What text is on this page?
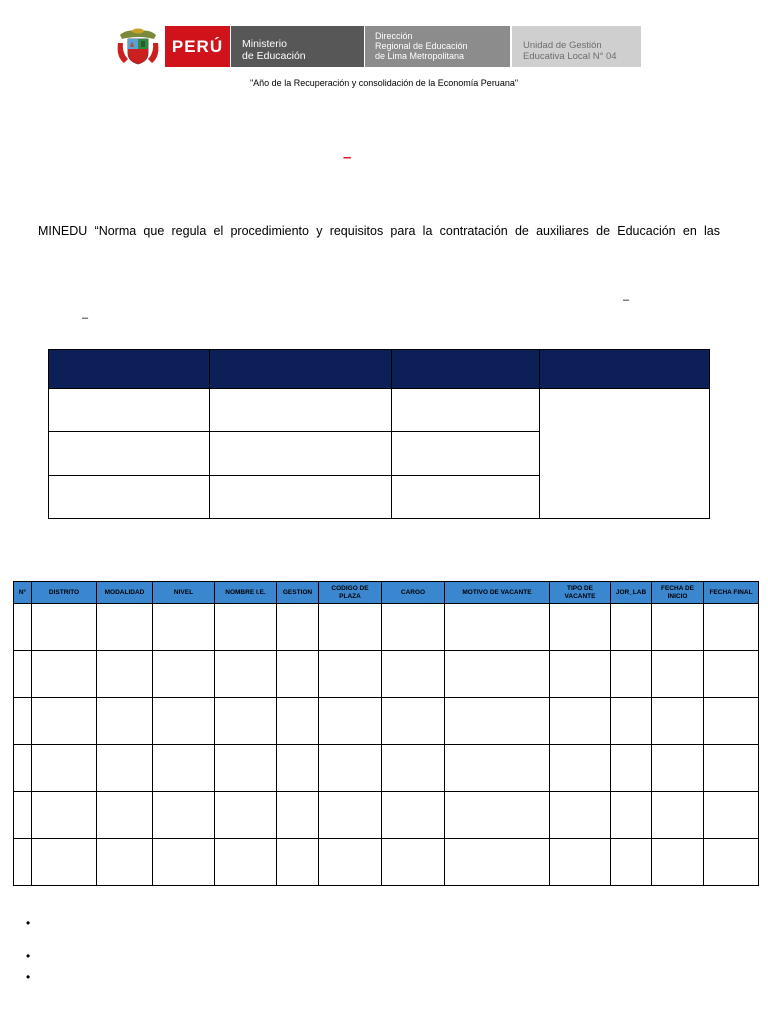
PERÚ Ministerio
de Educación
Dirección
Regional de Educación
de Lima Metropolitana
Unidad de Gestión
Educativa Local N° 04
"Año de la Recuperación y consolidación de la Economía Peruana"
–
MINEDU “Norma que regula el procedimiento y requisitos para la contratación de auxiliares de Educación en las
–
–

N°	DISTRITO	MODALIDAD	NIVEL	NOMBRE I.E.	GESTION	CODIGO DE PLAZA	CARGO	MOTIVO DE VACANTE	TIPO DE VACANTE	JOR_LAB	FECHA DE INICIO	FECHA FINAL

•
•
•
